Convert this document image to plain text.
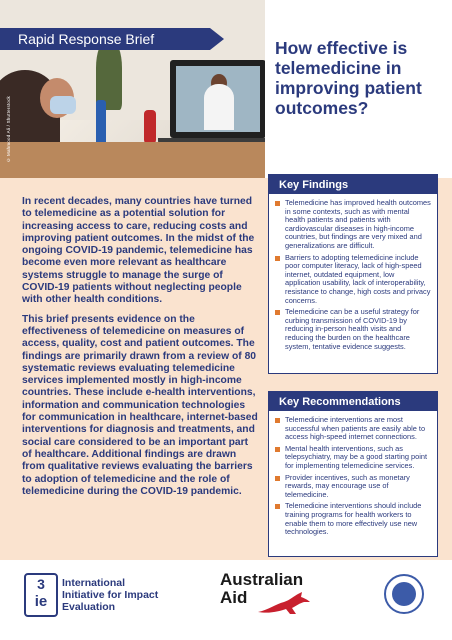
© Mahmood Ali / Shutterstock
Rapid Response Brief	How effective is telemedicine in improving patient outcomes?

In recent decades, many countries have turned to telemedicine as a potential solution for increasing access to care, reducing costs and improving patient outcomes. In the midst of the ongoing COVID-19 pandemic, telemedicine has become even more relevant as healthcare systems struggle to manage the surge of COVID-19 patients without neglecting people with other health conditions.

This brief presents evidence on the effectiveness of telemedicine on measures of access, quality, cost and patient outcomes. The findings are primarily drawn from a review of 80 systematic reviews evaluating telemedicine services implemented mostly in high-income countries. These include e-health interventions, information and communication technologies for communication in healthcare, internet-based interventions for diagnosis and treatments, and social care considered to be an important part of healthcare. Additional findings are drawn from qualitative reviews evaluating the barriers to adoption of telemedicine and the role of telemedicine during the COVID-19 pandemic.

Key Findings
Telemedicine has improved health outcomes in some contexts, such as with mental health patients and patients with cardiovascular diseases in high-income countries, but findings are very mixed and generalizations are difficult.
Barriers to adopting telemedicine include poor computer literacy, lack of high-speed internet, outdated equipment, low application usability, lack of interoperability, resistance to change, high costs and privacy concerns.
Telemedicine can be a useful strategy for curbing transmission of COVID-19 by reducing in-person health visits and reducing the burden on the healthcare system, tentative evidence suggests.
Key Recommendations
Telemedicine interventions are most successful when patients are easily able to access high-speed internet connections.
Mental health interventions, such as telepsychiatry, may be a good starting point for implementing telemedicine services.
Provider incentives, such as monetary rewards, may encourage use of telemedicine.
Telemedicine interventions should include training programs for health workers to enable them to more effectively use new technologies.
3
ie
International Initiative for Impact Evaluation
Australian
Aid
